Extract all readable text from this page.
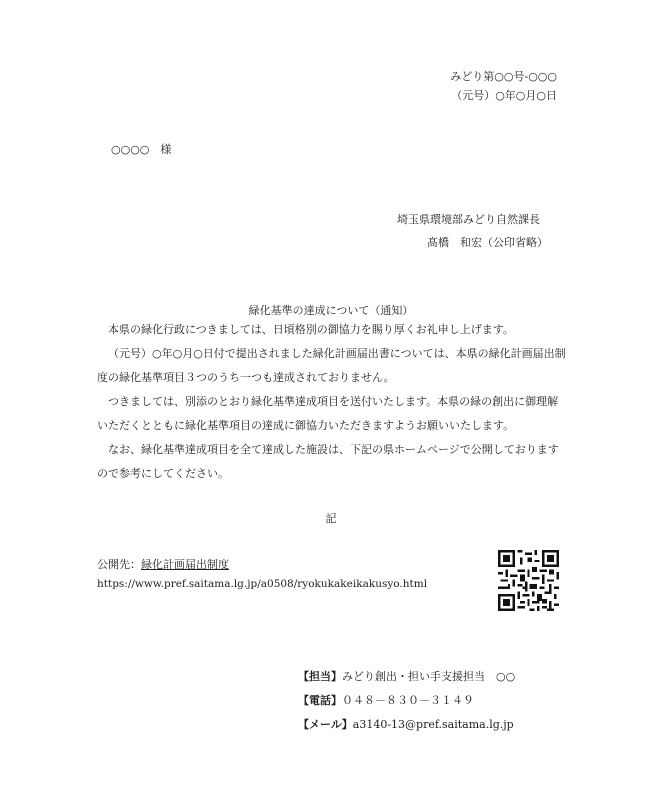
みどり第○○号-○○○
（元号）○年○月○日
○○○○　様
埼玉県環境部みどり自然課長
髙橋　和宏（公印省略）
緑化基準の達成について（通知）
本県の緑化行政につきましては、日頃格別の御協力を賜り厚くお礼申し上げます。
（元号）○年○月○日付で提出されました緑化計画届出書については、本県の緑化計画届出制度の緑化基準項目３つのうち一つも達成されておりません。
つきましては、別添のとおり緑化基準達成項目を送付いたします。本県の緑の創出に御理解いただくとともに緑化基準項目の達成に御協力いただきますようお願いいたします。
なお、緑化基準達成項目を全て達成した施設は、下記の県ホームページで公開しておりますので参考にしてください。
記
公開先：緑化計画届出制度
https://www.pref.saitama.lg.jp/a0508/ryokukakeikakusyo.html
【担当】みどり創出・担い手支援担当　○○
【電話】０４８－８３０－３１４９
【メール】a3140-13@pref.saitama.lg.jp
